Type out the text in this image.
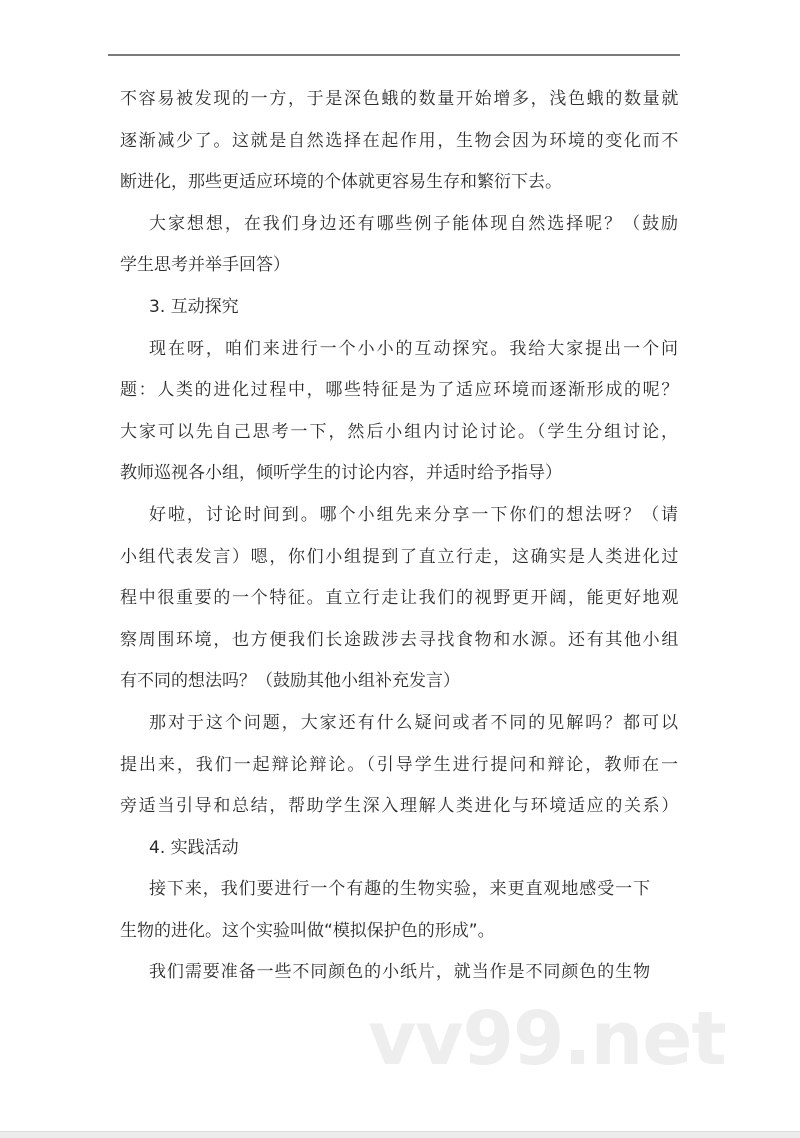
不容易被发现的一方，于是深色蛾的数量开始增多，浅色蛾的数量就
逐渐减少了。这就是自然选择在起作用，生物会因为环境的变化而不
断进化，那些更适应环境的个体就更容易生存和繁衍下去。
大家想想，在我们身边还有哪些例子能体现自然选择呢？（鼓励
学生思考并举手回答）
3. 互动探究
现在呀，咱们来进行一个小小的互动探究。我给大家提出一个问
题：人类的进化过程中，哪些特征是为了适应环境而逐渐形成的呢？
大家可以先自己思考一下，然后小组内讨论讨论。（学生分组讨论，
教师巡视各小组，倾听学生的讨论内容，并适时给予指导）
好啦，讨论时间到。哪个小组先来分享一下你们的想法呀？（请
小组代表发言）嗯，你们小组提到了直立行走，这确实是人类进化过
程中很重要的一个特征。直立行走让我们的视野更开阔，能更好地观
察周围环境，也方便我们长途跋涉去寻找食物和水源。还有其他小组
有不同的想法吗？（鼓励其他小组补充发言）
那对于这个问题，大家还有什么疑问或者不同的见解吗？都可以
提出来，我们一起辩论辩论。（引导学生进行提问和辩论，教师在一
旁适当引导和总结，帮助学生深入理解人类进化与环境适应的关系）
4. 实践活动
接下来，我们要进行一个有趣的生物实验，来更直观地感受一下
生物的进化。这个实验叫做“模拟保护色的形成”。
我们需要准备一些不同颜色的小纸片，就当作是不同颜色的生物
vv99.net
